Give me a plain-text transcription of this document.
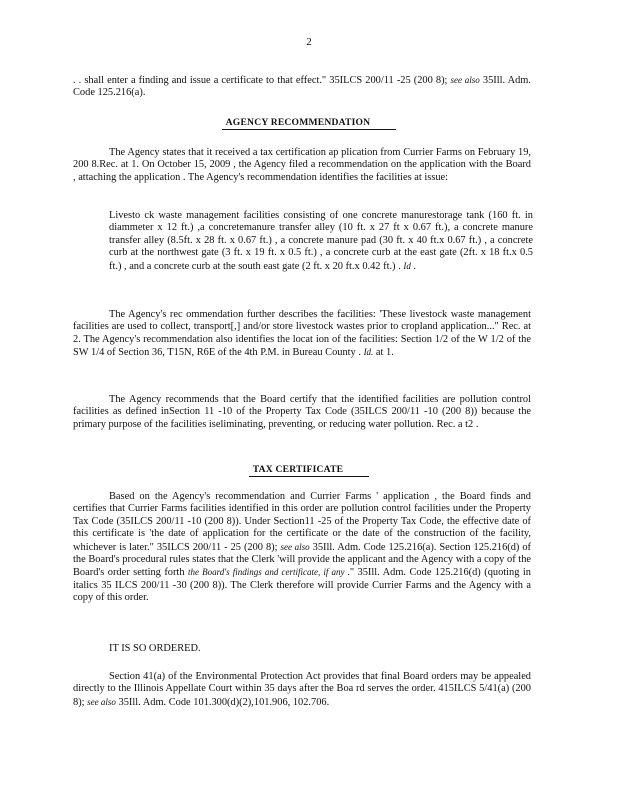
2
. . shall enter a finding and issue a certificate to that effect." 35ILCS 200/11 -25 (200 8); see also 35Ill. Adm. Code 125.216(a).
AGENCY RECOMMENDATION
The Agency states that it received a tax certification ap plication from Currier Farms on February 19, 200 8.Rec. at 1. On October 15, 2009 , the Agency filed a recommendation on the application with the Board , attaching the application . The Agency's recommendation identifies the facilities at issue:
Livesto ck waste management facilities consisting of one concrete manurestorage tank (160 ft. in diammeter x 12 ft.) ,a concretemanure transfer alley (10 ft. x 27 ft x 0.67 ft.), a concrete manure transfer alley (8.5ft. x 28 ft. x 0.67 ft.) , a concrete manure pad (30 ft. x 40 ft.x 0.67 ft.) , a concrete curb at the northwest gate (3 ft. x 19 ft. x 0.5 ft.) , a concrete curb at the east gate (2ft. x 18 ft.x 0.5 ft.) , and a concrete curb at the south east gate (2 ft. x 20 ft.x 0.42 ft.) . Id .
The Agency's rec ommendation further describes the facilities: 'These livestock waste management facilities are used to collect, transport[,] and/or store livestock wastes prior to cropland application..." Rec. at 2. The Agency's recommendation also identifies the locat ion of the facilities: Section 1/2 of the W 1/2 of the SW 1/4 of Section 36, T15N, R6E of the 4th P.M. in Bureau County . Id. at 1.
The Agency recommends that the Board certify that the identified facilities are pollution control facilities as defined inSection 11 -10 of the Property Tax Code (35ILCS 200/11 -10 (200 8)) because the primary purpose of the facilities iseliminating, preventing, or reducing water pollution. Rec. a t2 .
TAX CERTIFICATE
Based on the Agency's recommendation and Currier Farms ' application , the Board finds and certifies that Currier Farms facilities identified in this order are pollution control facilities under the Property Tax Code (35ILCS 200/11 -10 (200 8)). Under Section11 -25 of the Property Tax Code, the effective date of this certificate is 'the date of application for the certificate or the date of the construction of the facility, whichever is later." 35ILCS 200/11 - 25 (200 8); see also 35Ill. Adm. Code 125.216(a). Section 125.216(d) of the Board's procedural rules states that the Clerk 'will provide the applicant and the Agency with a copy of the Board's order setting forth the Board's findings and certificate, if any ." 35Ill. Adm. Code 125.216(d) (quoting in italics 35 ILCS 200/11 -30 (200 8)). The Clerk therefore will provide Currier Farms and the Agency with a copy of this order.
IT IS SO ORDERED.
Section 41(a) of the Environmental Protection Act provides that final Board orders may be appealed directly to the Illinois Appellate Court within 35 days after the Boa rd serves the order. 415ILCS 5/41(a) (200 8); see also 35Ill. Adm. Code 101.300(d)(2),101.906, 102.706.
